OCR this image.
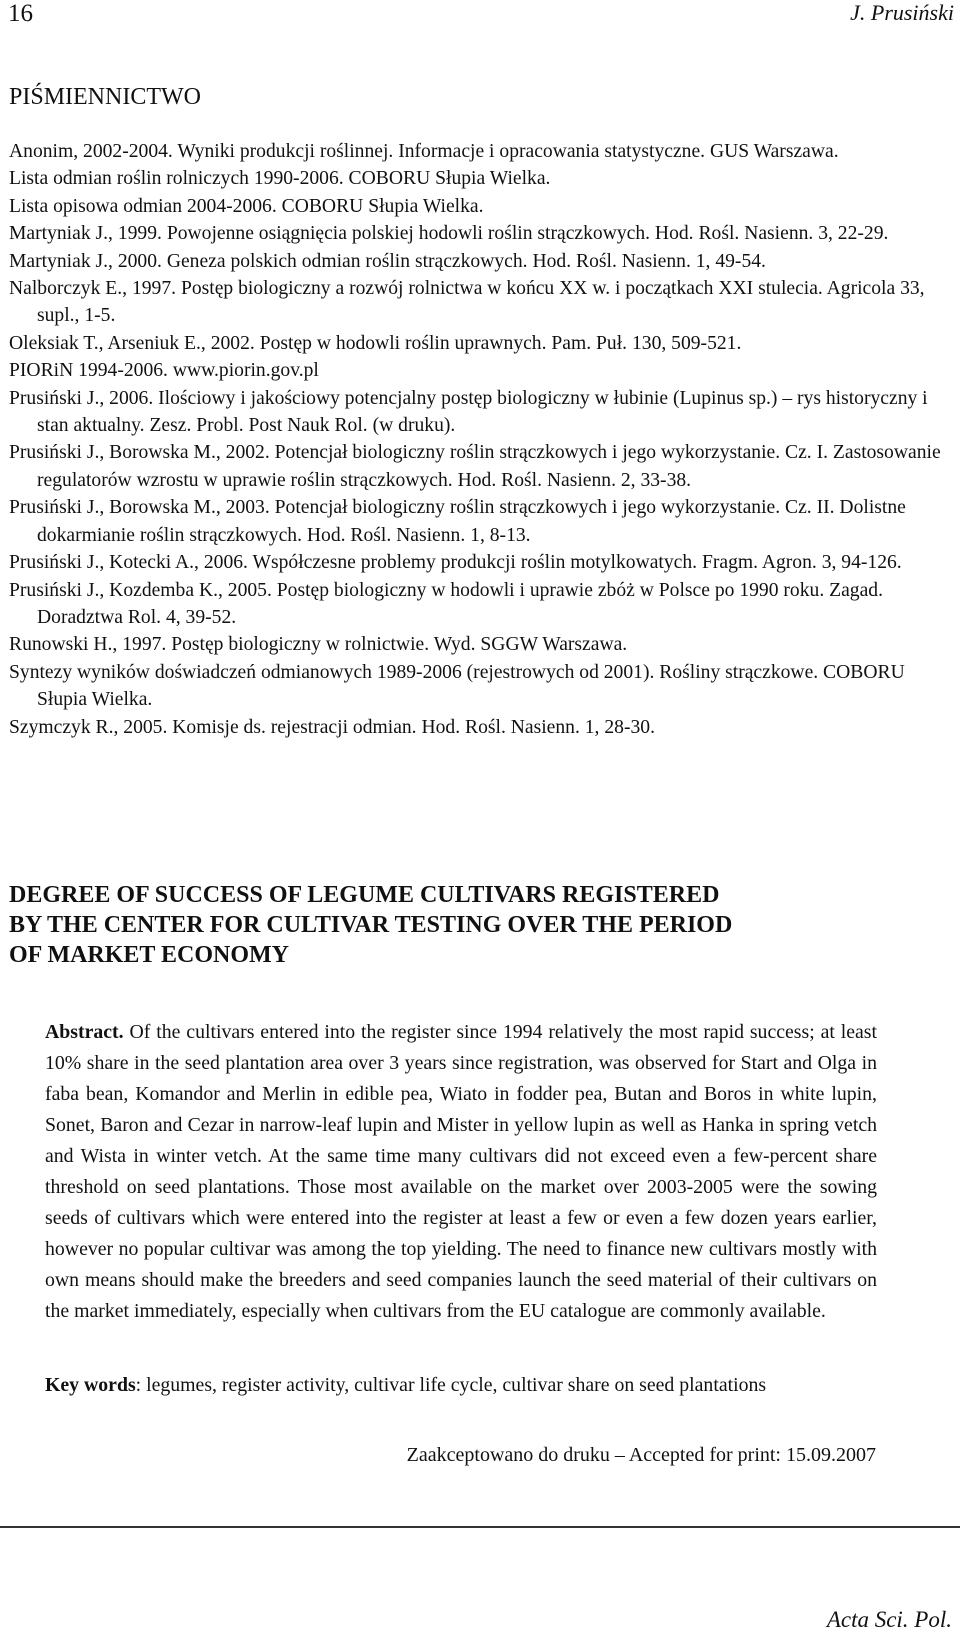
16	J. Prusiński
PIŚMIENNICTWO
Anonim, 2002-2004. Wyniki produkcji roślinnej. Informacje i opracowania statystyczne. GUS Warszawa.
Lista odmian roślin rolniczych 1990-2006. COBORU Słupia Wielka.
Lista opisowa odmian 2004-2006. COBORU Słupia Wielka.
Martyniak J., 1999. Powojenne osiągnięcia polskiej hodowli roślin strączkowych. Hod. Rośl. Nasienn. 3, 22-29.
Martyniak J., 2000. Geneza polskich odmian roślin strączkowych. Hod. Rośl. Nasienn. 1, 49-54.
Nalborczyk E., 1997. Postęp biologiczny a rozwój rolnictwa w końcu XX w. i początkach XXI stulecia. Agricola 33, supl., 1-5.
Oleksiak T., Arseniuk E., 2002. Postęp w hodowli roślin uprawnych. Pam. Puł. 130, 509-521.
PIORiN 1994-2006. www.piorin.gov.pl
Prusiński J., 2006. Ilościowy i jakościowy potencjalny postęp biologiczny w łubinie (Lupinus sp.) – rys historyczny i stan aktualny. Zesz. Probl. Post Nauk Rol. (w druku).
Prusiński J., Borowska M., 2002. Potencjał biologiczny roślin strączkowych i jego wykorzystanie. Cz. I. Zastosowanie regulatorów wzrostu w uprawie roślin strączkowych. Hod. Rośl. Nasienn. 2, 33-38.
Prusiński J., Borowska M., 2003. Potencjał biologiczny roślin strączkowych i jego wykorzystanie. Cz. II. Dolistne dokarmianie roślin strączkowych. Hod. Rośl. Nasienn. 1, 8-13.
Prusiński J., Kotecki A., 2006. Współczesne problemy produkcji roślin motylkowatych. Fragm. Agron. 3, 94-126.
Prusiński J., Kozdemba K., 2005. Postęp biologiczny w hodowli i uprawie zbóż w Polsce po 1990 roku. Zagad. Doradztwa Rol. 4, 39-52.
Runowski H., 1997. Postęp biologiczny w rolnictwie. Wyd. SGGW Warszawa.
Syntezy wyników doświadczeń odmianowych 1989-2006 (rejestrowych od 2001). Rośliny strączkowe. COBORU Słupia Wielka.
Szymczyk R., 2005. Komisje ds. rejestracji odmian. Hod. Rośl. Nasienn. 1, 28-30.
DEGREE OF SUCCESS OF LEGUME CULTIVARS REGISTERED
BY THE CENTER FOR CULTIVAR TESTING OVER THE PERIOD
OF MARKET ECONOMY

Abstract. Of the cultivars entered into the register since 1994 relatively the most rapid success; at least 10% share in the seed plantation area over 3 years since registration, was observed for Start and Olga in faba bean, Komandor and Merlin in edible pea, Wiato in fodder pea, Butan and Boros in white lupin, Sonet, Baron and Cezar in narrow-leaf lupin and Mister in yellow lupin as well as Hanka in spring vetch and Wista in winter vetch. At the same time many cultivars did not exceed even a few-percent share threshold on seed plantations. Those most available on the market over 2003-2005 were the sowing seeds of cultivars which were entered into the register at least a few or even a few dozen years earlier, however no popular cultivar was among the top yielding. The need to finance new cultivars mostly with own means should make the breeders and seed companies launch the seed material of their cultivars on the market immediately, especially when cultivars from the EU catalogue are commonly available.

Key words: legumes, register activity, cultivar life cycle, cultivar share on seed plantations

Zaakceptowano do druku – Accepted for print: 15.09.2007
Acta Sci. Pol.
